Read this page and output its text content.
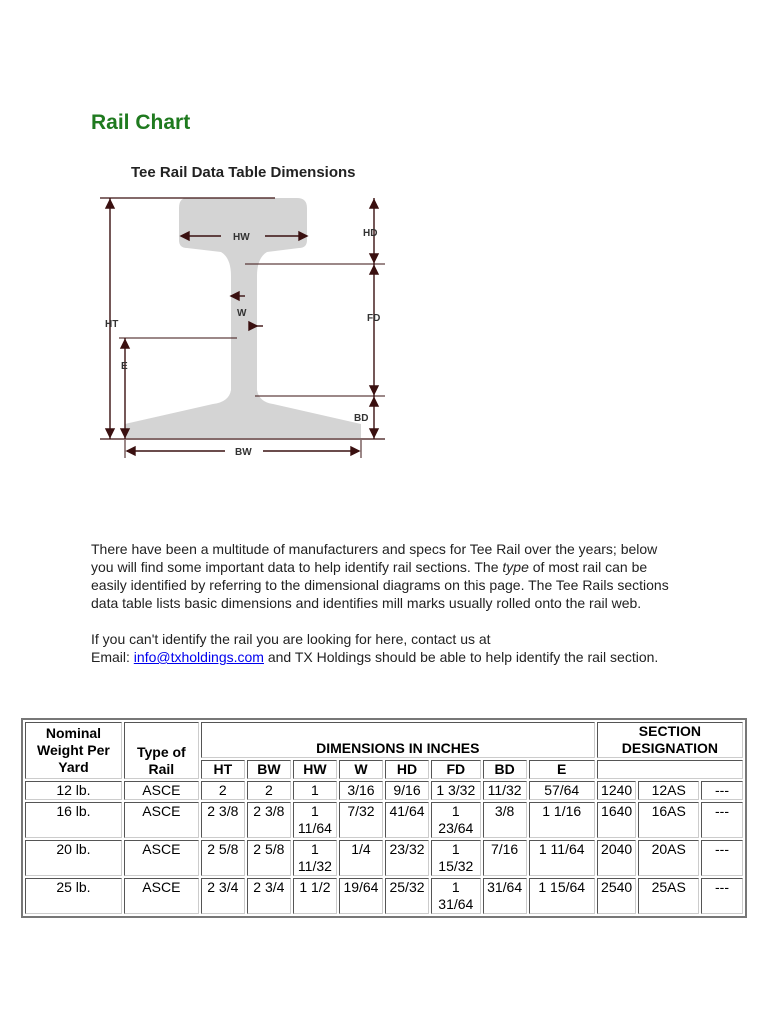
Rail Chart
Tee Rail Data Table Dimensions
HW	HD
W
HT
FD
E
BD
BW

There have been a multitude of manufacturers and specs for Tee Rail over the years; below you will find some important data to help identify rail sections. The type of most rail can be easily identified by referring to the dimensional diagrams on this page. The Tee Rails sections data table lists basic dimensions and identifies mill marks usually rolled onto the rail web.

If you can't identify the rail you are looking for here, contact us at
Email: info@txholdings.com and TX Holdings should be able to help identify the rail section.

Nominal Weight Per Yard	Type of Rail	DIMENSIONS IN INCHES								SECTION DESIGNATION		
		HT	BW	HW	W	HD	FD	BD	E			
12 lb.	ASCE	2	2	1	3/16	9/16	1 3/32	11/32	57/64	1240	12AS	---
16 lb.	ASCE	2 3/8	2 3/8	1 11/64	7/32	41/64	1 23/64	3/8	1 1/16	1640	16AS	---
20 lb.	ASCE	2 5/8	2 5/8	1 11/32	1/4	23/32	1 15/32	7/16	1 11/64	2040	20AS	---
25 lb.	ASCE	2 3/4	2 3/4	1 1/2	19/64	25/32	1 31/64	31/64	1 15/64	2540	25AS	---
